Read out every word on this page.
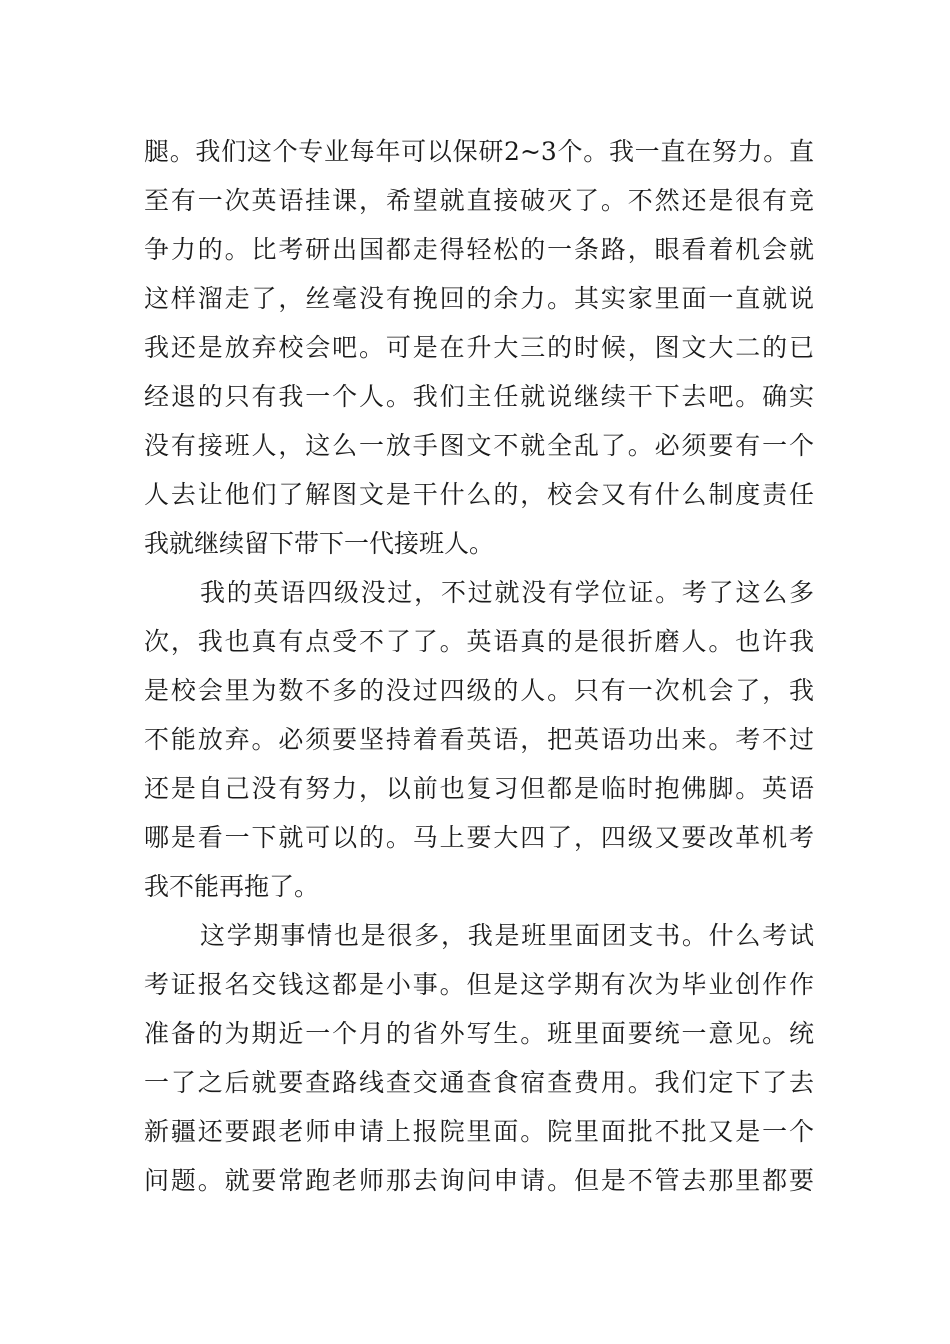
腿。我们这个专业每年可以保研2~3个。我一直在努力。直
至有一次英语挂课，希望就直接破灭了。不然还是很有竞
争力的。比考研出国都走得轻松的一条路，眼看着机会就
这样溜走了，丝毫没有挽回的余力。其实家里面一直就说
我还是放弃校会吧。可是在升大三的时候，图文大二的已
经退的只有我一个人。我们主任就说继续干下去吧。确实
没有接班人，这么一放手图文不就全乱了。必须要有一个
人去让他们了解图文是干什么的，校会又有什么制度责任
我就继续留下带下一代接班人。
我的英语四级没过，不过就没有学位证。考了这么多
次，我也真有点受不了了。英语真的是很折磨人。也许我
是校会里为数不多的没过四级的人。只有一次机会了，我
不能放弃。必须要坚持着看英语，把英语功出来。考不过
还是自己没有努力，以前也复习但都是临时抱佛脚。英语
哪是看一下就可以的。马上要大四了，四级又要改革机考
我不能再拖了。
这学期事情也是很多，我是班里面团支书。什么考试
考证报名交钱这都是小事。但是这学期有次为毕业创作作
准备的为期近一个月的省外写生。班里面要统一意见。统
一了之后就要查路线查交通查食宿查费用。我们定下了去
新疆还要跟老师申请上报院里面。院里面批不批又是一个
问题。就要常跑老师那去询问申请。但是不管去那里都要
